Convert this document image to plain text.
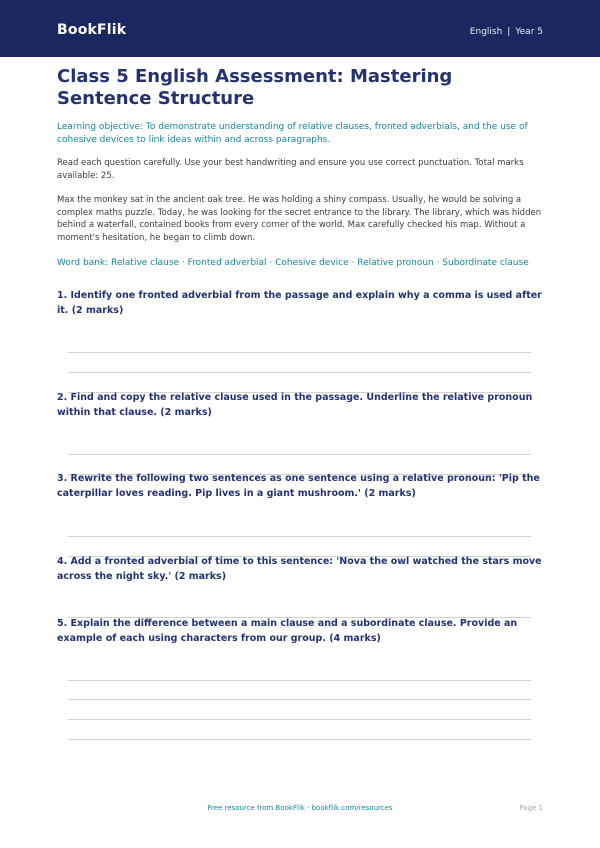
BookFlik	English | Year 5
Class 5 English Assessment: Mastering Sentence Structure

Learning objective: To demonstrate understanding of relative clauses, fronted adverbials, and the use of cohesive devices to link ideas within and across paragraphs.

Read each question carefully. Use your best handwriting and ensure you use correct punctuation. Total marks available: 25.

Max the monkey sat in the ancient oak tree. He was holding a shiny compass. Usually, he would be solving a complex maths puzzle. Today, he was looking for the secret entrance to the library. The library, which was hidden behind a waterfall, contained books from every corner of the world. Max carefully checked his map. Without a moment's hesitation, he began to climb down.

Word bank: Relative clause · Fronted adverbial · Cohesive device · Relative pronoun · Subordinate clause

1. Identify one fronted adverbial from the passage and explain why a comma is used after it. (2 marks)

2. Find and copy the relative clause used in the passage. Underline the relative pronoun within that clause. (2 marks)

3. Rewrite the following two sentences as one sentence using a relative pronoun: 'Pip the caterpillar loves reading. Pip lives in a giant mushroom.' (2 marks)

4. Add a fronted adverbial of time to this sentence: 'Nova the owl watched the stars move across the night sky.' (2 marks)

5. Explain the difference between a main clause and a subordinate clause. Provide an example of each using characters from our group. (4 marks)

Free resource from BookFlik · bookflik.com/resources	Page 1
